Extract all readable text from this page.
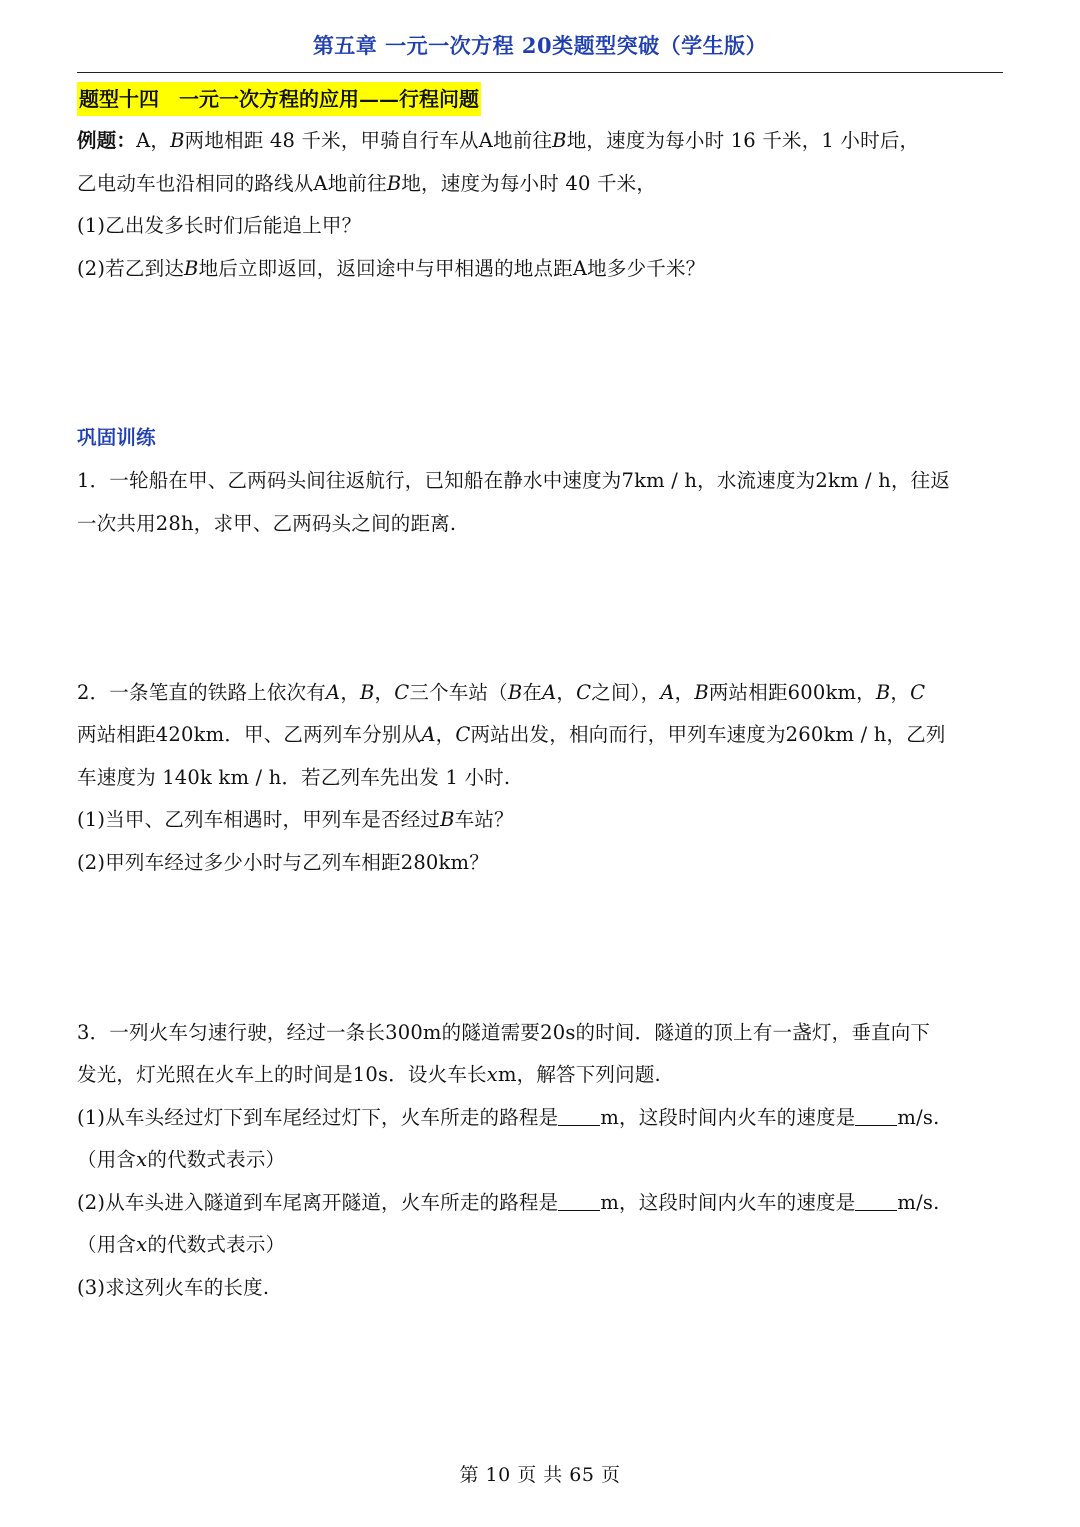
第五章 一元一次方程 20类题型突破（学生版）
题型十四　一元一次方程的应用——行程问题
例题：A，B两地相距 48 千米，甲骑自行车从A地前往B地，速度为每小时 16 千米，1 小时后，
乙电动车也沿相同的路线从A地前往B地，速度为每小时 40 千米，
(1)乙出发多长时们后能追上甲？
(2)若乙到达B地后立即返回，返回途中与甲相遇的地点距A地多少千米？
巩固训练
1．一轮船在甲、乙两码头间往返航行，已知船在静水中速度为7km / h，水流速度为2km / h，往返
一次共用28h，求甲、乙两码头之间的距离.
2．一条笔直的铁路上依次有A，B，C三个车站（B在A，C之间），A，B两站相距600km，B，C
两站相距420km．甲、乙两列车分别从A，C两站出发，相向而行，甲列车速度为260km / h，乙列
车速度为 140k km / h．若乙列车先出发 1 小时.
(1)当甲、乙列车相遇时，甲列车是否经过B车站？
(2)甲列车经过多少小时与乙列车相距280km？
3．一列火车匀速行驶，经过一条长300m的隧道需要20s的时间．隧道的顶上有一盏灯，垂直向下
发光，灯光照在火车上的时间是10s．设火车长xm，解答下列问题.
(1)从车头经过灯下到车尾经过灯下，火车所走的路程是 m，这段时间内火车的速度是 m/s.
（用含x的代数式表示）
(2)从车头进入隧道到车尾离开隧道，火车所走的路程是 m，这段时间内火车的速度是 m/s.
（用含x的代数式表示）
(3)求这列火车的长度.
第 10 页 共 65 页
